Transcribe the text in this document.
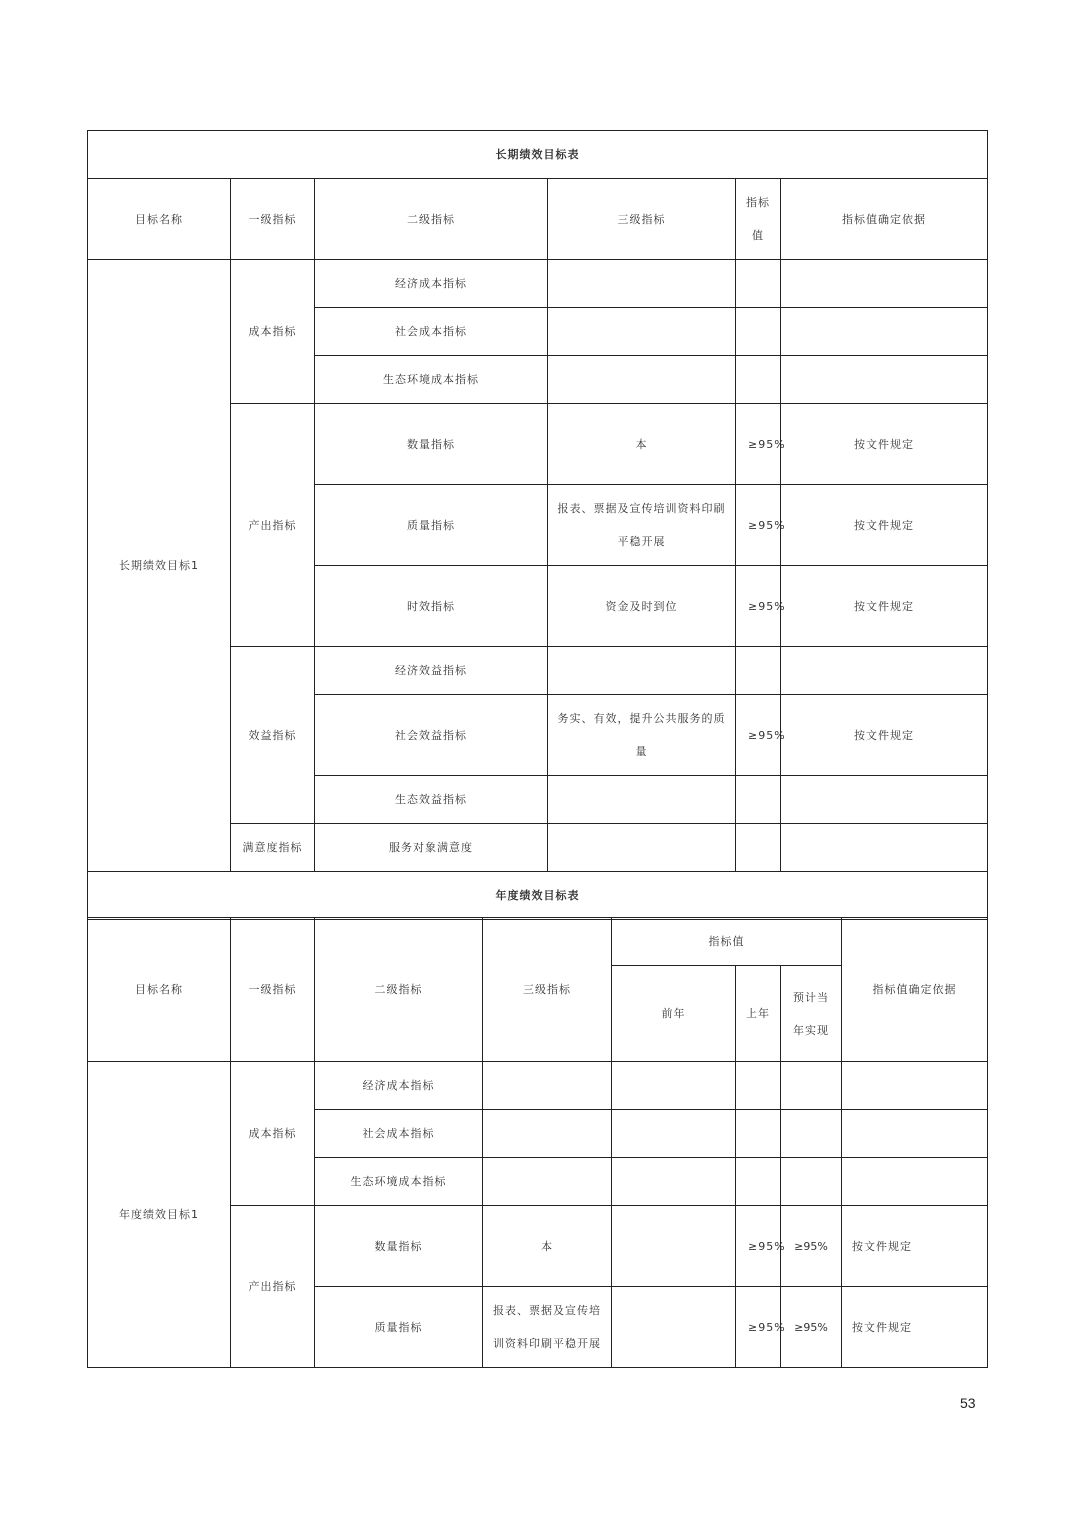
长期绩效目标表					
目标名称	一级指标	二级指标	三级指标	指标值	指标值确定依据
长期绩效目标1	成本指标	经济成本指标			
		社会成本指标			
		生态环境成本指标			
	产出指标	数量指标	本	≥95%	按文件规定
		质量指标	报表、票据及宣传培训资料印刷平稳开展	≥95%	按文件规定
		时效指标	资金及时到位	≥95%	按文件规定
	效益指标	经济效益指标			
		社会效益指标	务实、有效，提升公共服务的质量	≥95%	按文件规定
		生态效益指标			
	满意度指标	服务对象满意度			
年度绩效目标表					
目标名称	一级指标	二级指标	三级指标	指标值			指标值确定依据
				前年	上年	预计当年实现	
年度绩效目标1	成本指标	经济成本指标					
		社会成本指标					
		生态环境成本指标					
	产出指标	数量指标	本		≥95%	≥95%	按文件规定
		质量指标	报表、票据及宣传培训资料印刷平稳开展		≥95%	≥95%	按文件规定
53
